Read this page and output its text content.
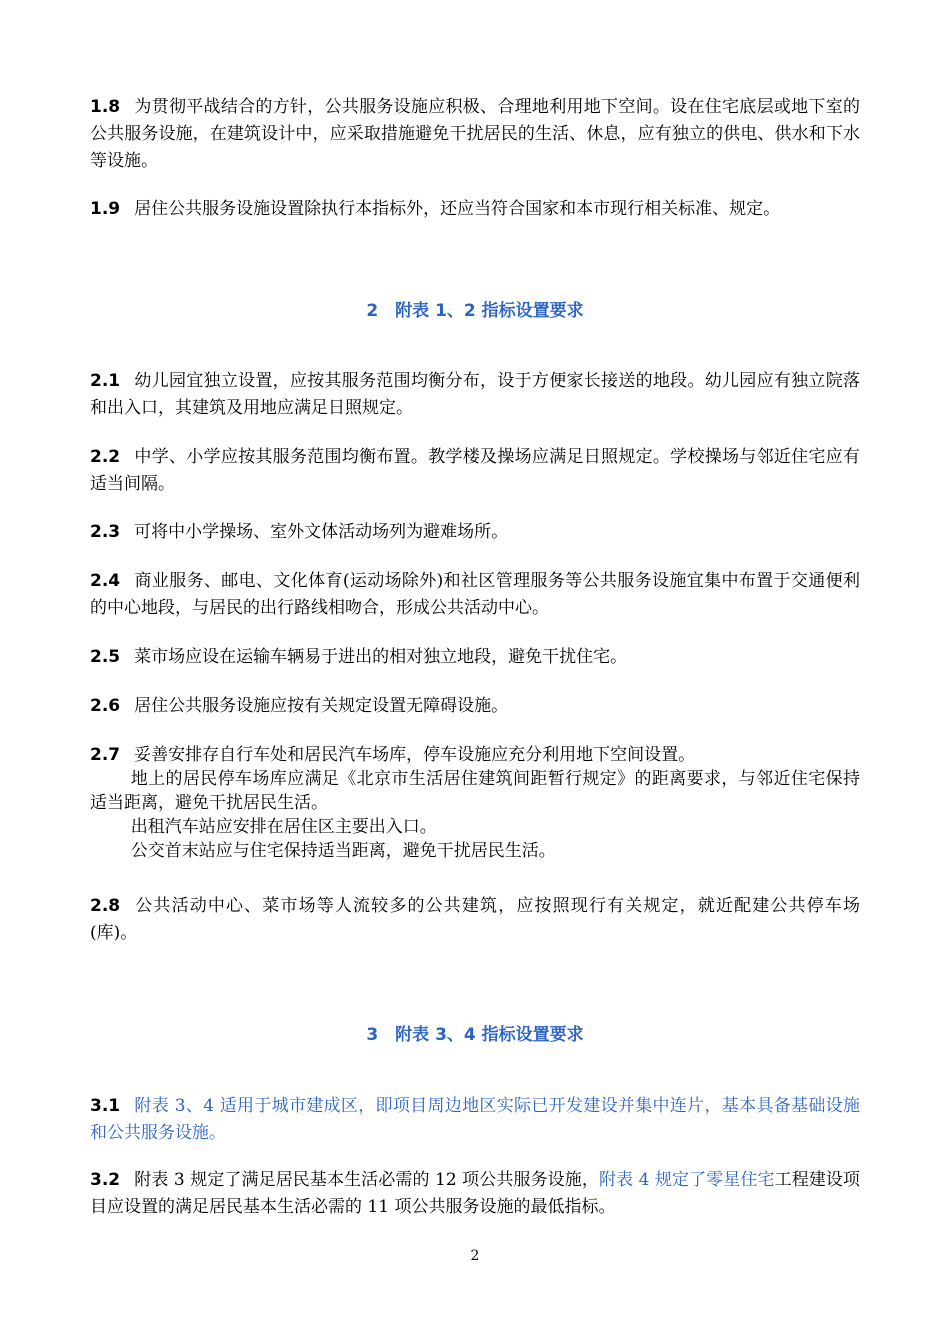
1.8 为贯彻平战结合的方针，公共服务设施应积极、合理地利用地下空间。设在住宅底层或地下室的公共服务设施，在建筑设计中，应采取措施避免干扰居民的生活、休息，应有独立的供电、供水和下水等设施。

1.9 居住公共服务设施设置除执行本指标外，还应当符合国家和本市现行相关标准、规定。

2　附表 1、2 指标设置要求

2.1 幼儿园宜独立设置，应按其服务范围均衡分布，设于方便家长接送的地段。幼儿园应有独立院落和出入口，其建筑及用地应满足日照规定。

2.2 中学、小学应按其服务范围均衡布置。教学楼及操场应满足日照规定。学校操场与邻近住宅应有适当间隔。

2.3 可将中小学操场、室外文体活动场列为避难场所。

2.4 商业服务、邮电、文化体育(运动场除外)和社区管理服务等公共服务设施宜集中布置于交通便利的中心地段，与居民的出行路线相吻合，形成公共活动中心。

2.5 菜市场应设在运输车辆易于进出的相对独立地段，避免干扰住宅。

2.6 居住公共服务设施应按有关规定设置无障碍设施。

2.7 妥善安排存自行车处和居民汽车场库，停车设施应充分利用地下空间设置。
地上的居民停车场库应满足《北京市生活居住建筑间距暂行规定》的距离要求，与邻近住宅保持适当距离，避免干扰居民生活。
出租汽车站应安排在居住区主要出入口。
公交首末站应与住宅保持适当距离，避免干扰居民生活。

2.8 公共活动中心、菜市场等人流较多的公共建筑，应按照现行有关规定，就近配建公共停车场(库)。

3　附表 3、4 指标设置要求

3.1 附表 3、4 适用于城市建成区，即项目周边地区实际已开发建设并集中连片，基本具备基础设施和公共服务设施。

3.2 附表 3 规定了满足居民基本生活必需的 12 项公共服务设施，附表 4 规定了零星住宅工程建设项目应设置的满足居民基本生活必需的 11 项公共服务设施的最低指标。

2
